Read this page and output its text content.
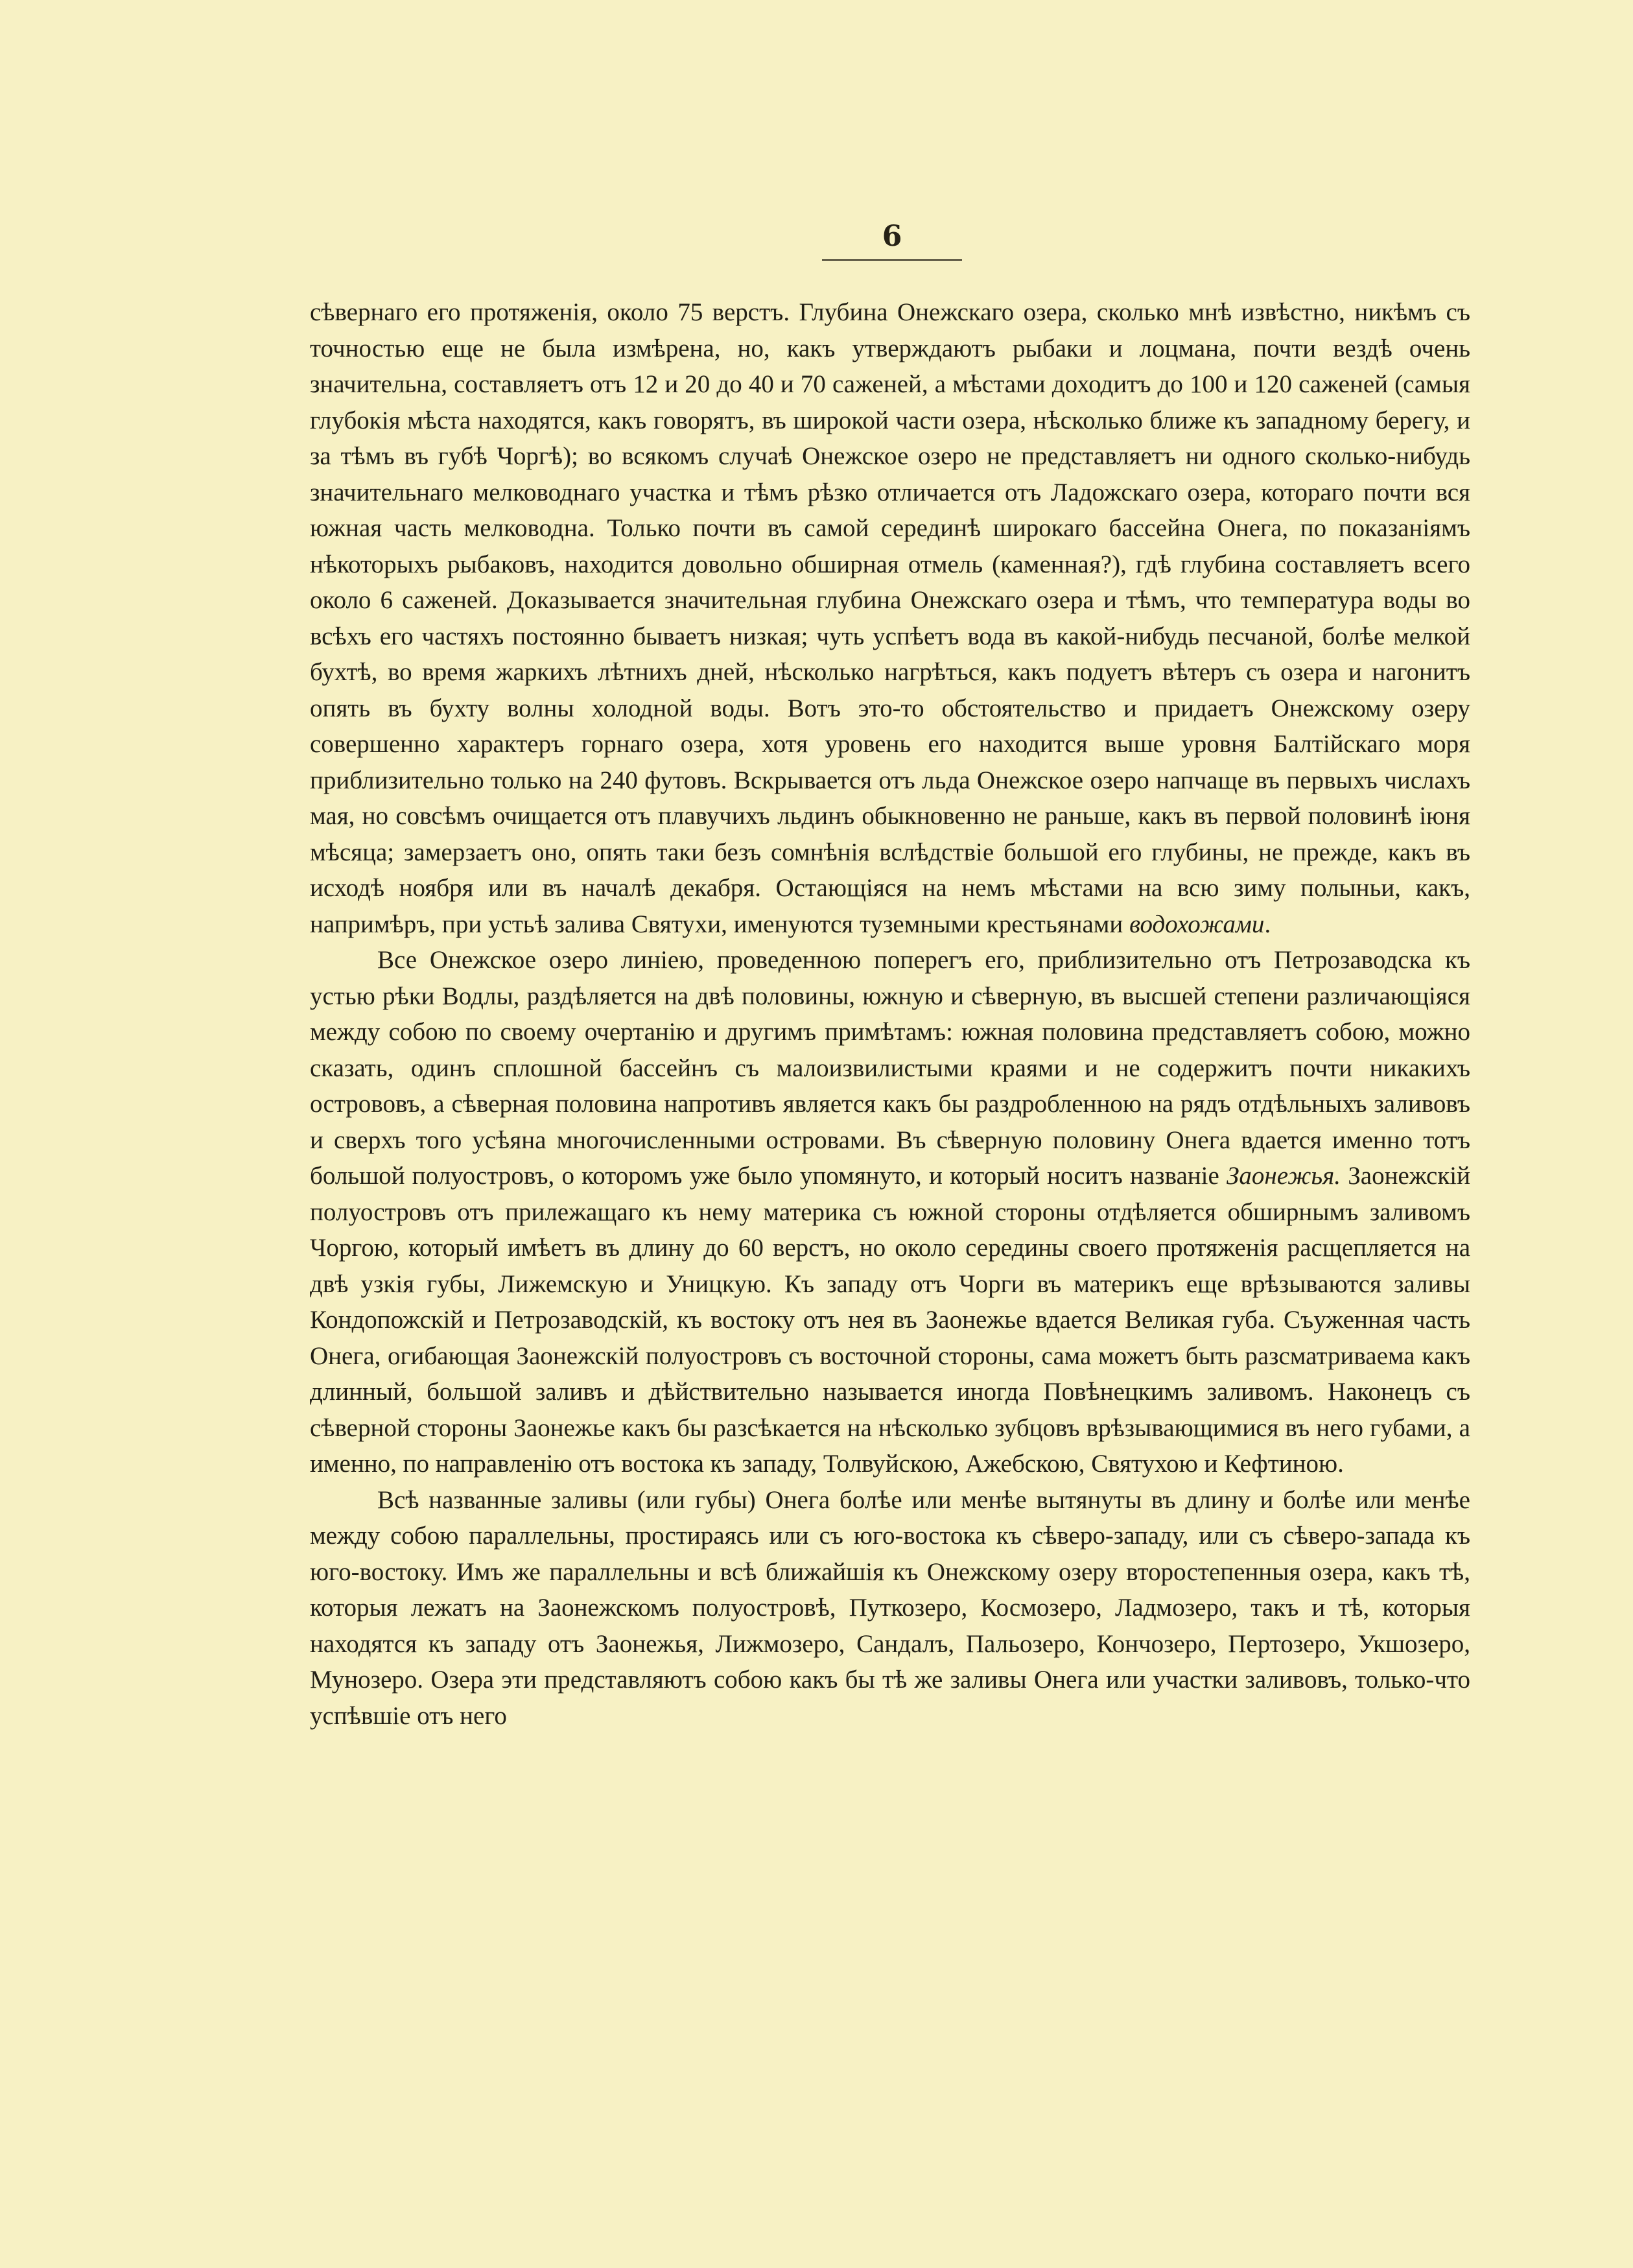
6

сѣвернаго его протяженія, около 75 верстъ. Глубина Онежскаго озера, сколько мнѣ извѣстно, никѣмъ съ точностью еще не была измѣрена, но, какъ утверждаютъ рыбаки и лоцмана, почти вездѣ очень значительна, составляетъ отъ 12 и 20 до 40 и 70 саженей, а мѣстами доходитъ до 100 и 120 саженей (самыя глубокія мѣста находятся, какъ говорятъ, въ широкой части озера, нѣсколько ближе къ западному берегу, и за тѣмъ въ губѣ Чоргѣ); во всякомъ случаѣ Онежское озеро не представляетъ ни одного сколько-нибудь значительнаго мелководнаго участка и тѣмъ рѣзко отличается отъ Ладожскаго озера, котораго почти вся южная часть мелководна. Только почти въ самой серединѣ широкаго бассейна Онега, по показаніямъ нѣкоторыхъ рыбаковъ, находится довольно обширная отмель (каменная?), гдѣ глубина составляетъ всего около 6 саженей. Доказывается значительная глубина Онежскаго озера и тѣмъ, что температура воды во всѣхъ его частяхъ постоянно бываетъ низкая; чуть успѣетъ вода въ какой-нибудь песчаной, болѣе мелкой бухтѣ, во время жаркихъ лѣтнихъ дней, нѣсколько нагрѣться, какъ подуетъ вѣтеръ съ озера и нагонитъ опять въ бухту волны холодной воды. Вотъ это-то обстоятельство и придаетъ Онежскому озеру совершенно характеръ горнаго озера, хотя уровень его находится выше уровня Балтійскаго моря приблизительно только на 240 футовъ. Вскрывается отъ льда Онежское озеро напчаще въ первыхъ числахъ мая, но совсѣмъ очищается отъ плавучихъ льдинъ обыкновенно не раньше, какъ въ первой половинѣ іюня мѣсяца; замерзаетъ оно, опять таки безъ сомнѣнія вслѣдствіе большой его глубины, не прежде, какъ въ исходѣ ноября или въ началѣ декабря. Остающіяся на немъ мѣстами на всю зиму полыньи, какъ, напримѣръ, при устьѣ залива Святухи, именуются туземными крестьянами водохожами.

Все Онежское озеро линіею, проведенною поперегъ его, приблизительно отъ Петрозаводска къ устью рѣки Водлы, раздѣляется на двѣ половины, южную и сѣверную, въ высшей степени различающіяся между собою по своему очертанію и другимъ примѣтамъ: южная половина представляетъ собою, можно сказать, одинъ сплошной бассейнъ съ малоизвилистыми краями и не содержитъ почти никакихъ острововъ, а сѣверная половина напротивъ является какъ бы раздробленною на рядъ отдѣльныхъ заливовъ и сверхъ того усѣяна многочисленными островами. Въ сѣверную половину Онега вдается именно тотъ большой полуостровъ, о которомъ уже было упомянуто, и который носитъ названіе Заонежья. Заонежскій полуостровъ отъ прилежащаго къ нему материка съ южной стороны отдѣляется обширнымъ заливомъ Чоргою, который имѣетъ въ длину до 60 верстъ, но около середины своего протяженія расщепляется на двѣ узкія губы, Лижемскую и Уницкую. Къ западу отъ Чорги въ материкъ еще врѣзываются заливы Кондопожскій и Петрозаводскій, къ востоку отъ нея въ Заонежье вдается Великая губа. Съуженная часть Онега, огибающая Заонежскій полуостровъ съ восточной стороны, сама можетъ быть разсматриваема какъ длинный, большой заливъ и дѣйствительно называется иногда Повѣнецкимъ заливомъ. Наконецъ съ сѣверной стороны Заонежье какъ бы разсѣкается на нѣсколько зубцовъ врѣзывающимися въ него губами, а именно, по направленію отъ востока къ западу, Толвуйскою, Ажебскою, Святухою и Кефтиною.

Всѣ названные заливы (или губы) Онега болѣе или менѣе вытянуты въ длину и болѣе или менѣе между собою параллельны, простираясь или съ юго-востока къ сѣверо-западу, или съ сѣверо-запада къ юго-востоку. Имъ же параллельны и всѣ ближайшія къ Онежскому озеру второстепенныя озера, какъ тѣ, которыя лежатъ на Заонежскомъ полуостровѣ, Путкозеро, Космозеро, Ладмозеро, такъ и тѣ, которыя находятся къ западу отъ Заонежья, Лижмозеро, Сандалъ, Пальозеро, Кончозеро, Пертозеро, Укшозеро, Мунозеро. Озера эти представляютъ собою какъ бы тѣ же заливы Онега или участки заливовъ, только-что успѣвшіе отъ него
